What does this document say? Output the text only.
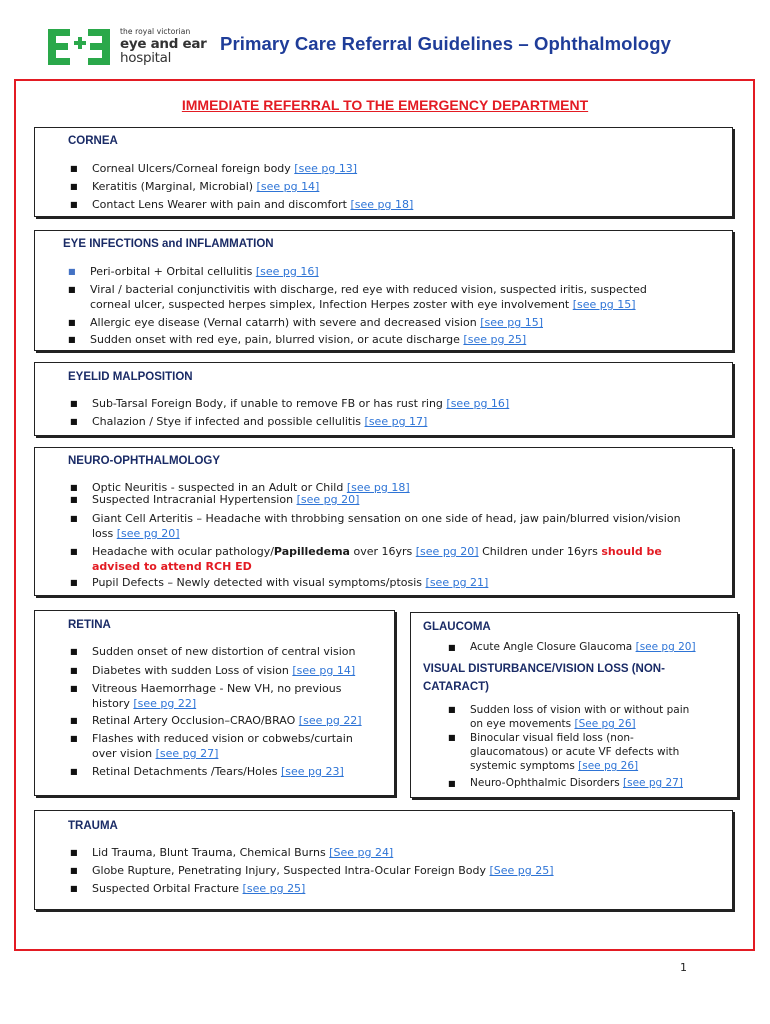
the royal victorian
eye and ear
hospital
Primary Care Referral Guidelines – Ophthalmology
IMMEDIATE REFERRAL TO THE EMERGENCY DEPARTMENT
CORNEA
■ Corneal Ulcers/Corneal foreign body [see pg 13]
■ Keratitis (Marginal, Microbial) [see pg 14]
■ Contact Lens Wearer with pain and discomfort [see pg 18]
EYE INFECTIONS and INFLAMMATION
■ Peri-orbital + Orbital cellulitis [see pg 16]
■ Viral / bacterial conjunctivitis with discharge, red eye with reduced vision, suspected iritis, suspected
corneal ulcer, suspected herpes simplex, Infection Herpes zoster with eye involvement [see pg 15]
■ Allergic eye disease (Vernal catarrh) with severe and decreased vision [see pg 15]
■ Sudden onset with red eye, pain, blurred vision, or acute discharge [see pg 25]
EYELID MALPOSITION
■ Sub-Tarsal Foreign Body, if unable to remove FB or has rust ring [see pg 16]
■ Chalazion / Stye if infected and possible cellulitis [see pg 17]
NEURO-OPHTHALMOLOGY
■ Optic Neuritis - suspected in an Adult or Child [see pg 18]
■ Suspected Intracranial Hypertension [see pg 20]
■ Giant Cell Arteritis – Headache with throbbing sensation on one side of head, jaw pain/blurred vision/vision
loss [see pg 20]
■ Headache with ocular pathology/Papilledema over 16yrs [see pg 20] Children under 16yrs should be
advised to attend RCH ED
■ Pupil Defects – Newly detected with visual symptoms/ptosis [see pg 21]
RETINA
■ Sudden onset of new distortion of central vision
■ Diabetes with sudden Loss of vision [see pg 14]
■ Vitreous Haemorrhage - New VH, no previous
history [see pg 22]
■ Retinal Artery Occlusion–CRAO/BRAO [see pg 22]
■ Flashes with reduced vision or cobwebs/curtain
over vision [see pg 27]
■ Retinal Detachments /Tears/Holes [see pg 23]
GLAUCOMA
■ Acute Angle Closure Glaucoma [see pg 20]
VISUAL DISTURBANCE/VISION LOSS (NON-
CATARACT)
■ Sudden loss of vision with or without pain
on eye movements [See pg 26]
■ Binocular visual field loss (non-
glaucomatous) or acute VF defects with
systemic symptoms [see pg 26]
■ Neuro-Ophthalmic Disorders [see pg 27]
TRAUMA
■ Lid Trauma, Blunt Trauma, Chemical Burns [See pg 24]
■ Globe Rupture, Penetrating Injury, Suspected Intra-Ocular Foreign Body [See pg 25]
■ Suspected Orbital Fracture [see pg 25]
1
